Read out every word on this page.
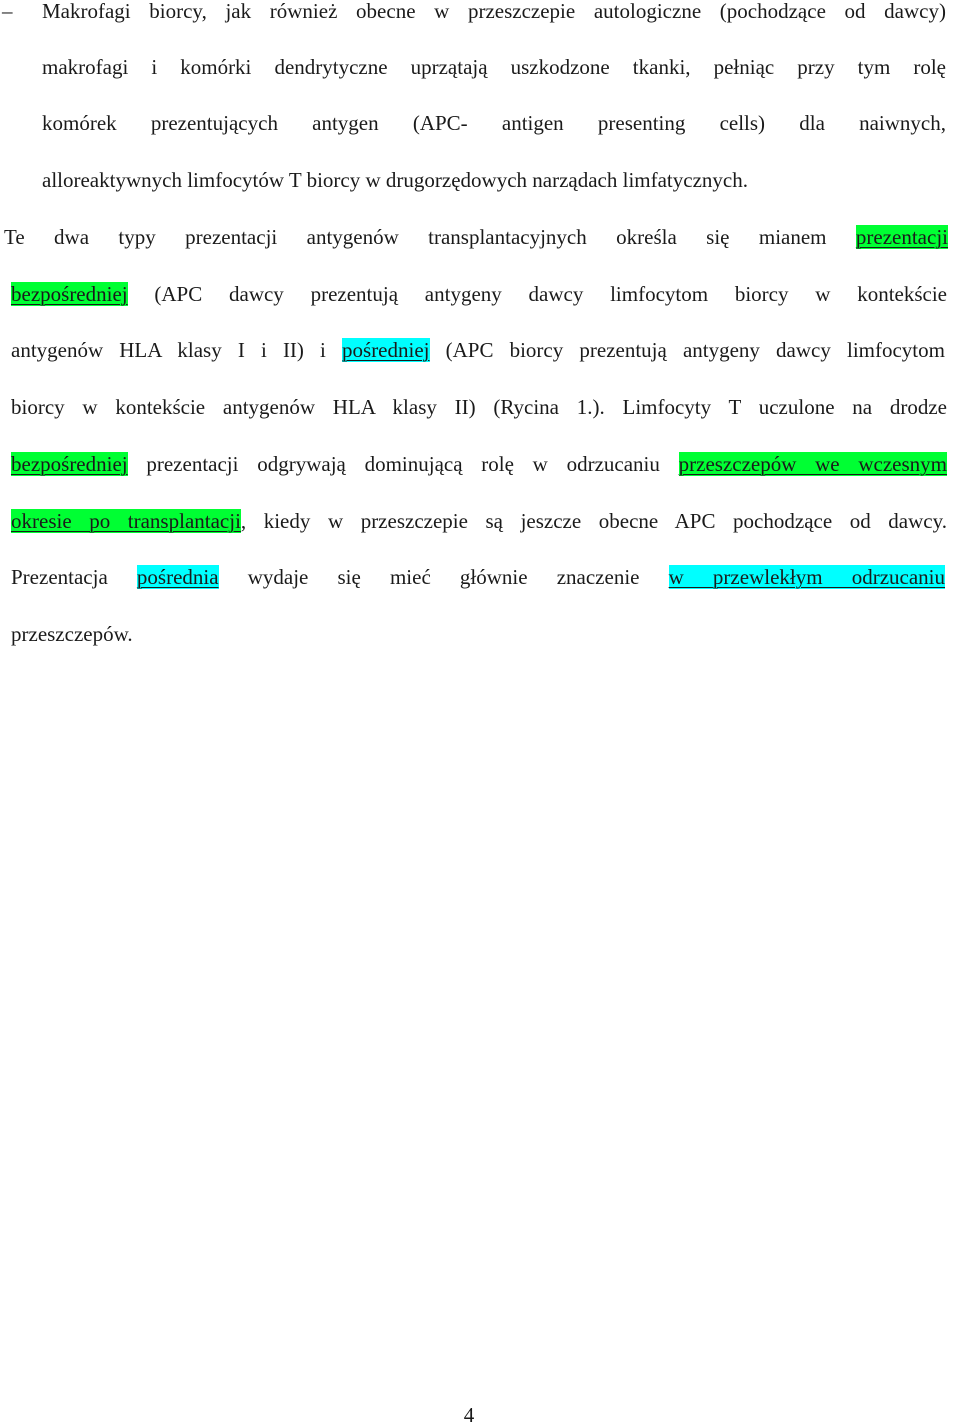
– Makrofagi biorcy, jak również obecne w przeszczepie autologiczne (pochodzące od dawcy)
makrofagi i komórki dendrytyczne uprzątają uszkodzone tkanki, pełniąc przy tym rolę
komórek prezentujących antygen (APC- antigen presenting cells) dla naiwnych,
alloreaktywnych limfocytów T biorcy w drugorzędowych narządach limfatycznych.
Te dwa typy prezentacji antygenów transplantacyjnych określa się mianem prezentacji
bezpośredniej (APC dawcy prezentują antygeny dawcy limfocytom biorcy w kontekście
antygenów HLA klasy I i II) i pośredniej (APC biorcy prezentują antygeny dawcy limfocytom
biorcy w kontekście antygenów HLA klasy II) (Rycina 1.). Limfocyty T uczulone na drodze
bezpośredniej prezentacji odgrywają dominującą rolę w odrzucaniu przeszczepów we wczesnym
okresie po transplantacji, kiedy w przeszczepie są jeszcze obecne APC pochodzące od dawcy.
Prezentacja pośrednia wydaje się mieć głównie znaczenie w przewlekłym odrzucaniu
przeszczepów.
4
